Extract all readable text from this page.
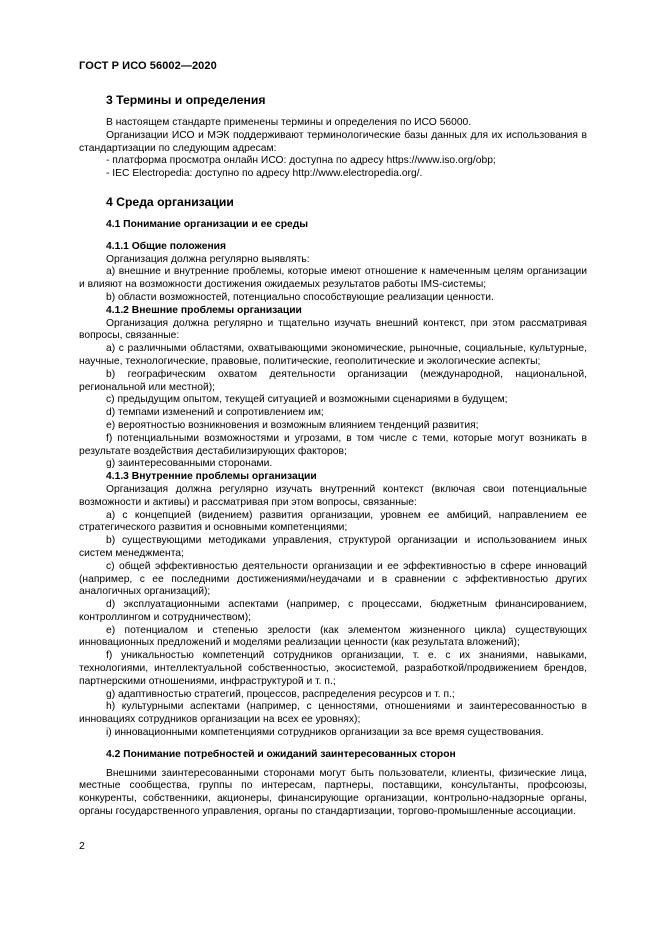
ГОСТ Р ИСО 56002—2020

3 Термины и определения

В настоящем стандарте применены термины и определения по ИСО 56000.

Организации ИСО и МЭК поддерживают терминологические базы данных для их использования в стандартизации по следующим адресам:

- платформа просмотра онлайн ИСО: доступна по адресу https://www.iso.org/obp;

- IEC Electropedia: доступно по адресу http://www.electropedia.org/.

4 Среда организации

4.1 Понимание организации и ее среды

4.1.1 Общие положения

Организация должна регулярно выявлять:

a) внешние и внутренние проблемы, которые имеют отношение к намеченным целям организации и влияют на возможности достижения ожидаемых результатов работы IMS-системы;

b) области возможностей, потенциально способствующие реализации ценности.

4.1.2 Внешние проблемы организации

Организация должна регулярно и тщательно изучать внешний контекст, при этом рассматривая вопросы, связанные:

a) с различными областями, охватывающими экономические, рыночные, социальные, культурные, научные, технологические, правовые, политические, геополитические и экологические аспекты;

b) географическим охватом деятельности организации (международной, национальной, региональной или местной);

c) предыдущим опытом, текущей ситуацией и возможными сценариями в будущем;

d) темпами изменений и сопротивлением им;

e) вероятностью возникновения и возможным влиянием тенденций развития;

f) потенциальными возможностями и угрозами, в том числе с теми, которые могут возникать в результате воздействия дестабилизирующих факторов;

g) заинтересованными сторонами.

4.1.3 Внутренние проблемы организации

Организация должна регулярно изучать внутренний контекст (включая свои потенциальные возможности и активы) и рассматривая при этом вопросы, связанные:

a) с концепцией (видением) развития организации, уровнем ее амбиций, направлением ее стратегического развития и основными компетенциями;

b) существующими методиками управления, структурой организации и использованием иных систем менеджмента;

c) общей эффективностью деятельности организации и ее эффективностью в сфере инноваций (например, с ее последними достижениями/неудачами и в сравнении с эффективностью других аналогичных организаций);

d) эксплуатационными аспектами (например, с процессами, бюджетным финансированием, контроллингом и сотрудничеством);

e) потенциалом и степенью зрелости (как элементом жизненного цикла) существующих инновационных предложений и моделями реализации ценности (как результата вложений);

f) уникальностью компетенций сотрудников организации, т. е. с их знаниями, навыками, технологиями, интеллектуальной собственностью, экосистемой, разработкой/продвижением брендов, партнерскими отношениями, инфраструктурой и т. п.;

g) адаптивностью стратегий, процессов, распределения ресурсов и т. п.;

h) культурными аспектами (например, с ценностями, отношениями и заинтересованностью в инновациях сотрудников организации на всех ее уровнях);

i) инновационными компетенциями сотрудников организации за все время существования.

4.2 Понимание потребностей и ожиданий заинтересованных сторон

Внешними заинтересованными сторонами могут быть пользователи, клиенты, физические лица, местные сообщества, группы по интересам, партнеры, поставщики, консультанты, профсоюзы, конкуренты, собственники, акционеры, финансирующие организации, контрольно-надзорные органы, органы государственного управления, органы по стандартизации, торгово-промышленные ассоциации.

2
